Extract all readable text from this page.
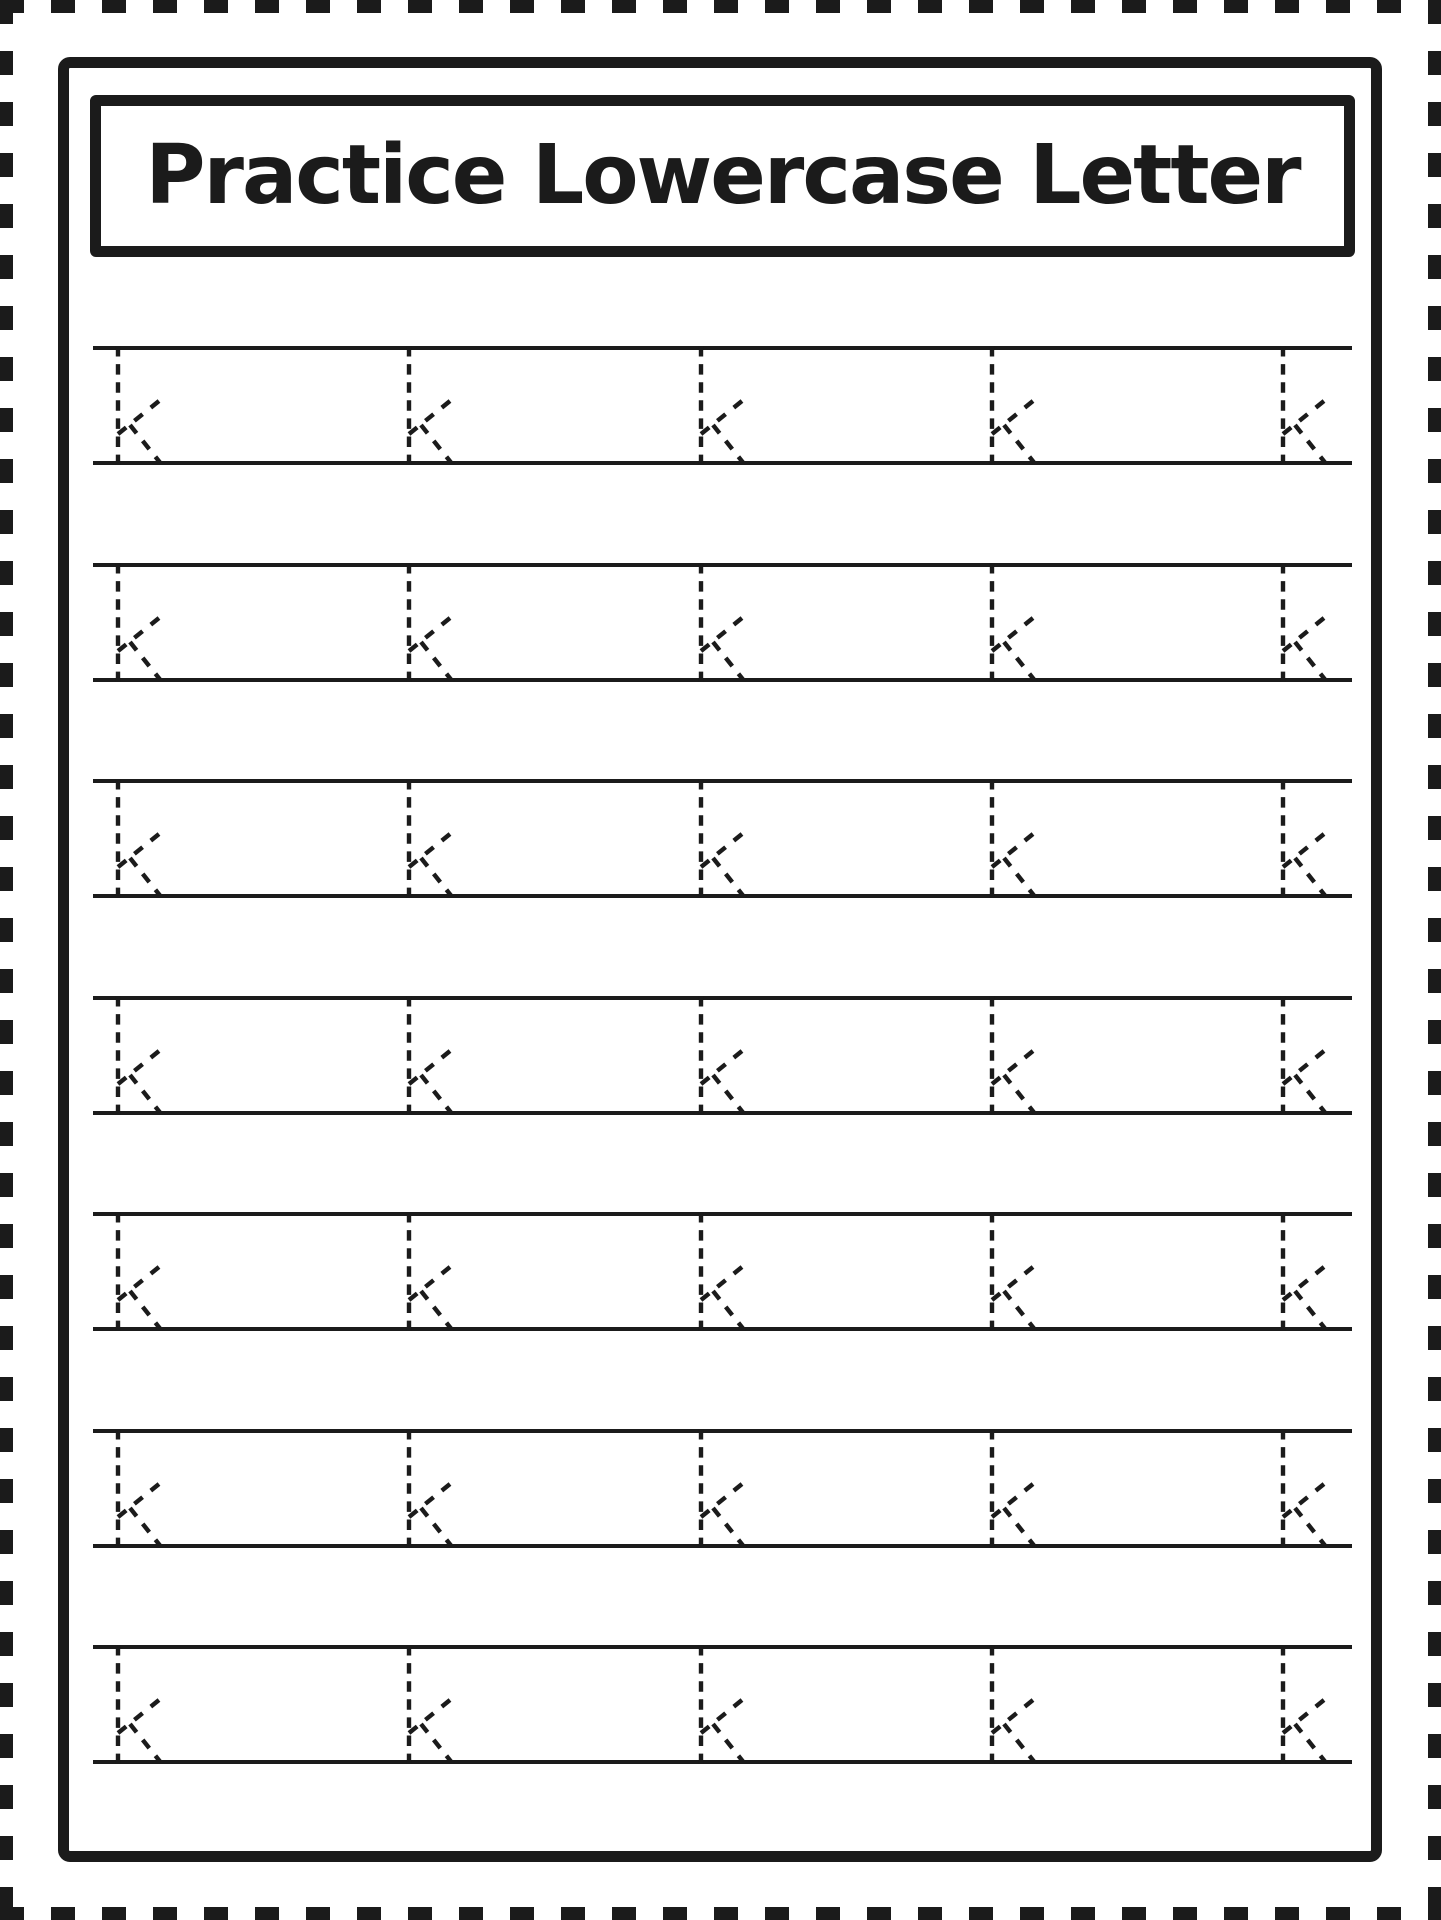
Practice Lowercase Letter
